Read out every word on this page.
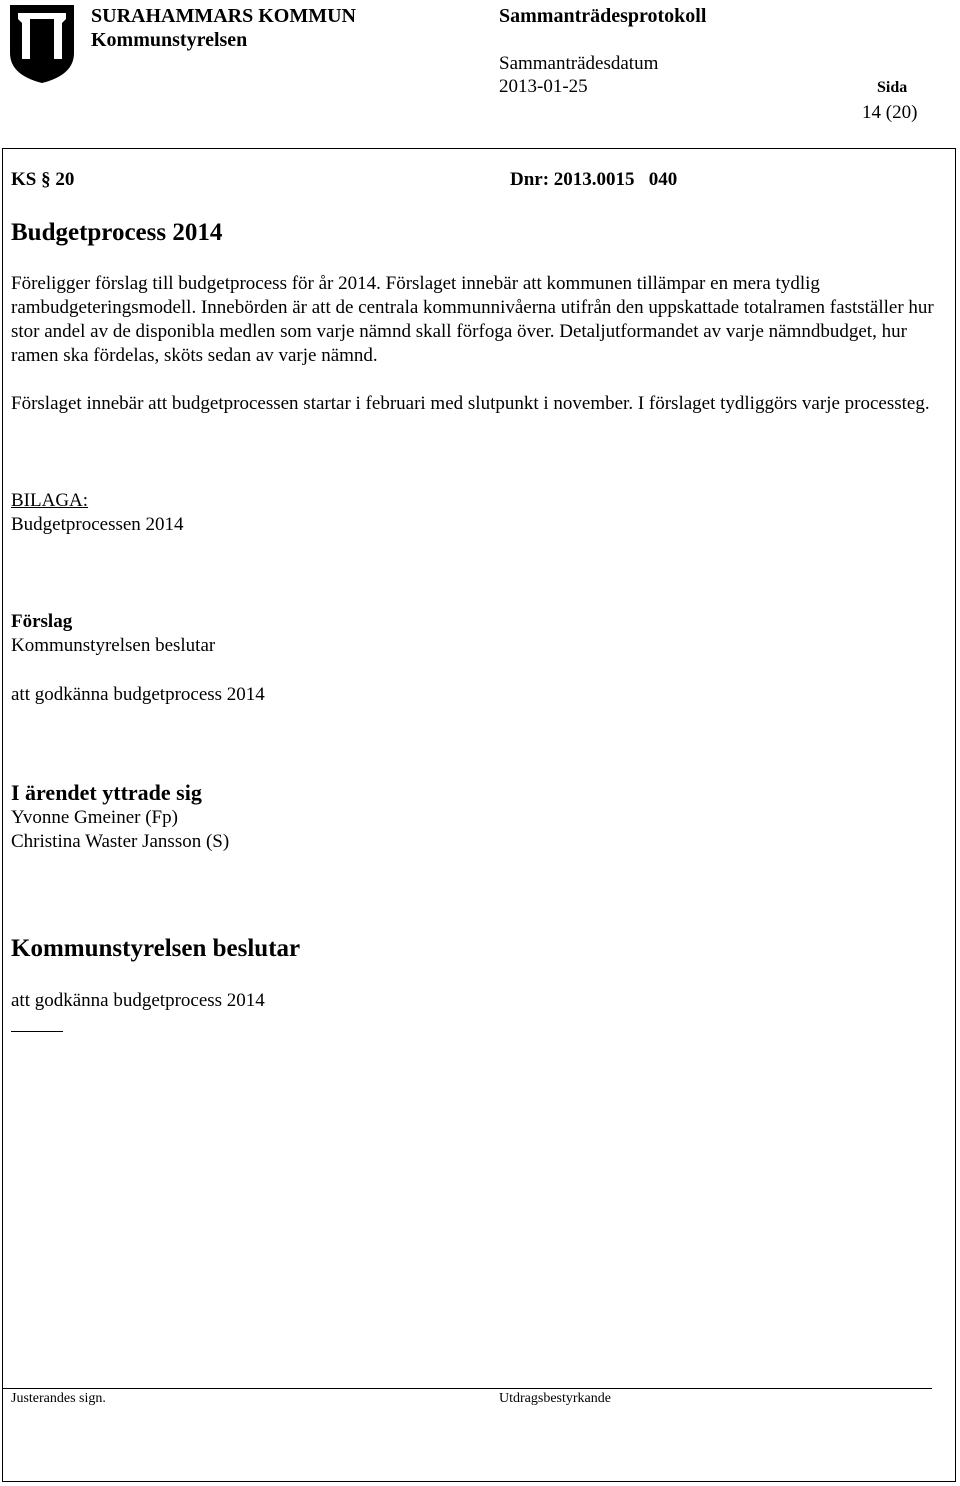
SURAHAMMARS KOMMUN
Kommunstyrelsen
Sammanträdesprotokoll
Sammanträdesdatum
2013-01-25	Sida
14 (20)
KS § 20	Dnr: 2013.0015   040
Budgetprocess 2014
Föreligger förslag till budgetprocess för år 2014. Förslaget innebär att kommunen tillämpar en mera tydlig rambudgeteringsmodell. Innebörden är att de centrala kommunnivåerna utifrån den uppskattade totalramen fastställer hur stor andel av de disponibla medlen som varje nämnd skall förfoga över. Detaljutformandet av varje nämndbudget, hur ramen ska fördelas, sköts sedan av varje nämnd.
Förslaget innebär att budgetprocessen startar i februari med slutpunkt i november. I förslaget tydliggörs varje processteg.
BILAGA:
Budgetprocessen 2014
Förslag
Kommunstyrelsen beslutar
att godkänna budgetprocess 2014
I ärendet yttrade sig
Yvonne Gmeiner (Fp)
Christina Waster Jansson (S)
Kommunstyrelsen beslutar
att godkänna budgetprocess 2014
Justerandes sign.	Utdragsbestyrkande
